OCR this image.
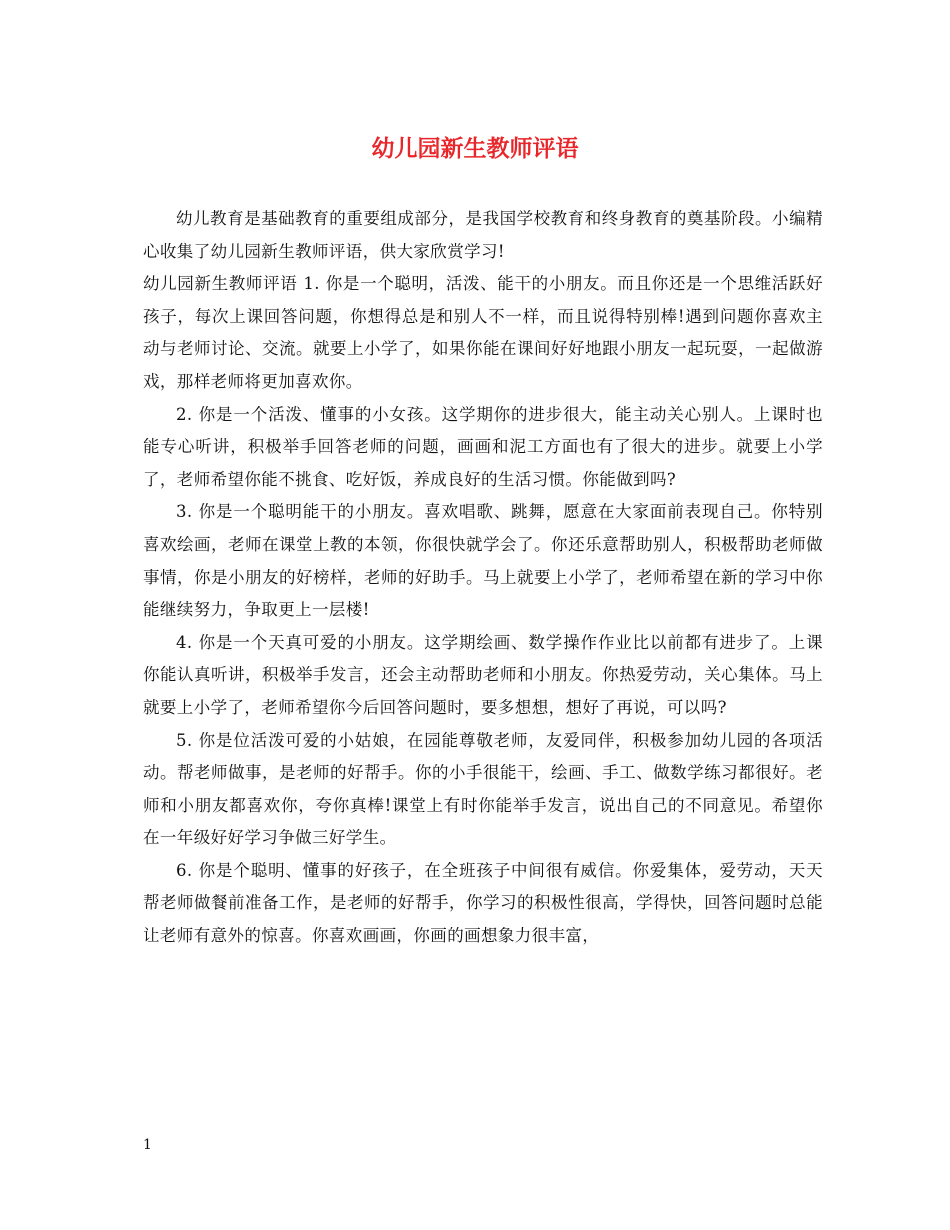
幼儿园新生教师评语

幼儿教育是基础教育的重要组成部分，是我国学校教育和终身教育的奠基阶段。小编精心收集了幼儿园新生教师评语，供大家欣赏学习!

幼儿园新生教师评语 1. 你是一个聪明，活泼、能干的小朋友。而且你还是一个思维活跃好孩子，每次上课回答问题，你想得总是和别人不一样，而且说得特别棒!遇到问题你喜欢主动与老师讨论、交流。就要上小学了，如果你能在课间好好地跟小朋友一起玩耍，一起做游戏，那样老师将更加喜欢你。

2. 你是一个活泼、懂事的小女孩。这学期你的进步很大，能主动关心别人。上课时也能专心听讲，积极举手回答老师的问题，画画和泥工方面也有了很大的进步。就要上小学了，老师希望你能不挑食、吃好饭，养成良好的生活习惯。你能做到吗?

3. 你是一个聪明能干的小朋友。喜欢唱歌、跳舞，愿意在大家面前表现自己。你特别喜欢绘画，老师在课堂上教的本领，你很快就学会了。你还乐意帮助别人，积极帮助老师做事情，你是小朋友的好榜样，老师的好助手。马上就要上小学了，老师希望在新的学习中你能继续努力，争取更上一层楼!

4. 你是一个天真可爱的小朋友。这学期绘画、数学操作作业比以前都有进步了。上课你能认真听讲，积极举手发言，还会主动帮助老师和小朋友。你热爱劳动，关心集体。马上就要上小学了，老师希望你今后回答问题时，要多想想，想好了再说，可以吗?

5. 你是位活泼可爱的小姑娘，在园能尊敬老师，友爱同伴，积极参加幼儿园的各项活动。帮老师做事，是老师的好帮手。你的小手很能干，绘画、手工、做数学练习都很好。老师和小朋友都喜欢你，夸你真棒!课堂上有时你能举手发言，说出自己的不同意见。希望你在一年级好好学习争做三好学生。

6. 你是个聪明、懂事的好孩子，在全班孩子中间很有威信。你爱集体，爱劳动，天天帮老师做餐前准备工作，是老师的好帮手，你学习的积极性很高，学得快，回答问题时总能让老师有意外的惊喜。你喜欢画画，你画的画想象力很丰富，

1
